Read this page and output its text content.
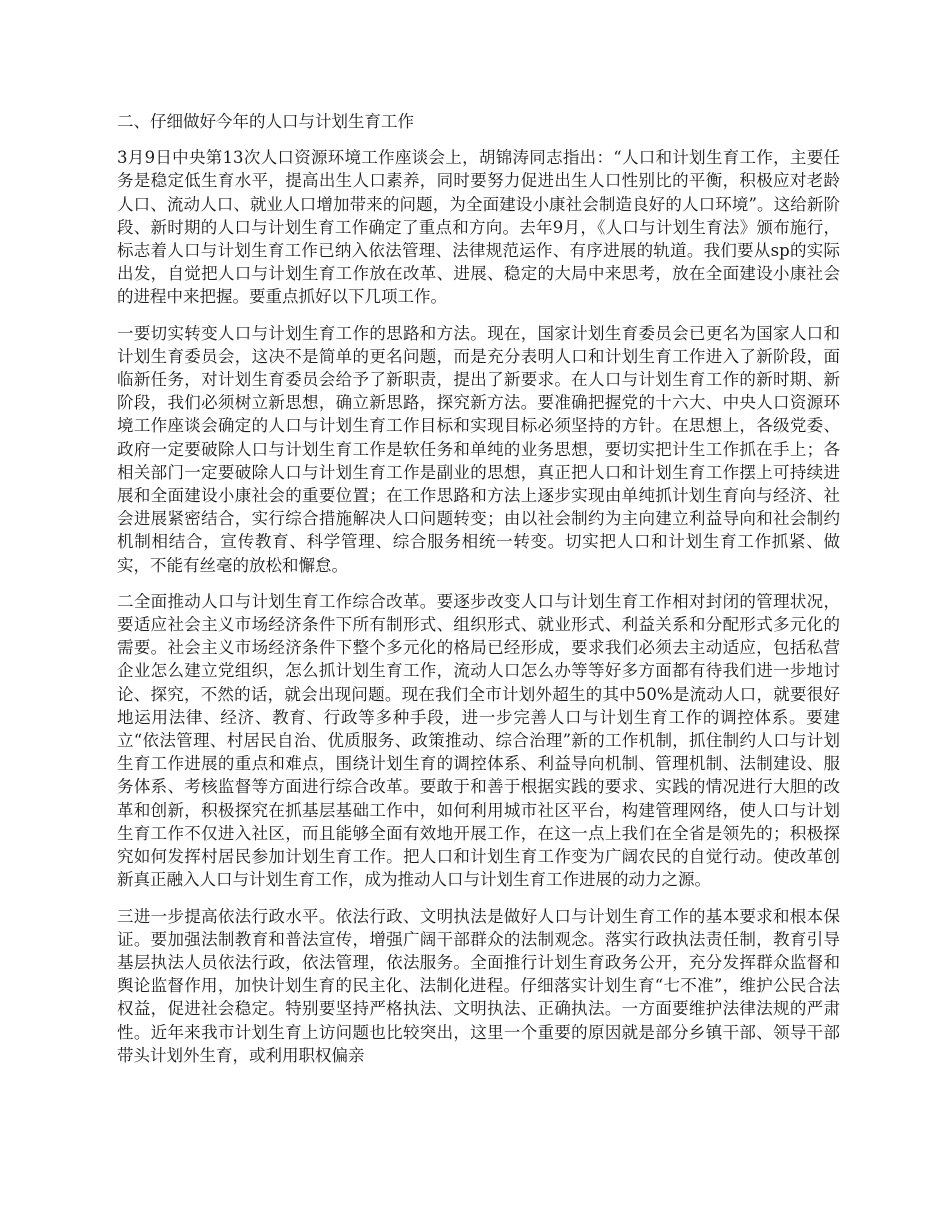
二、仔细做好今年的人口与计划生育工作

3月9日中央第13次人口资源环境工作座谈会上，胡锦涛同志指出：“人口和计划生育工作，主要任务是稳定低生育水平，提高出生人口素养，同时要努力促进出生人口性别比的平衡，积极应对老龄人口、流动人口、就业人口增加带来的问题，为全面建设小康社会制造良好的人口环境”。这给新阶段、新时期的人口与计划生育工作确定了重点和方向。去年9月，《人口与计划生育法》颁布施行，标志着人口与计划生育工作已纳入依法管理、法律规范运作、有序进展的轨道。我们要从sp的实际出发，自觉把人口与计划生育工作放在改革、进展、稳定的大局中来思考，放在全面建设小康社会的进程中来把握。要重点抓好以下几项工作。

一要切实转变人口与计划生育工作的思路和方法。现在，国家计划生育委员会已更名为国家人口和计划生育委员会，这决不是简单的更名问题，而是充分表明人口和计划生育工作进入了新阶段，面临新任务，对计划生育委员会给予了新职责，提出了新要求。在人口与计划生育工作的新时期、新阶段，我们必须树立新思想，确立新思路，探究新方法。要准确把握党的十六大、中央人口资源环境工作座谈会确定的人口与计划生育工作目标和实现目标必须坚持的方针。在思想上，各级党委、政府一定要破除人口与计划生育工作是软任务和单纯的业务思想，要切实把计生工作抓在手上；各相关部门一定要破除人口与计划生育工作是副业的思想，真正把人口和计划生育工作摆上可持续进展和全面建设小康社会的重要位置；在工作思路和方法上逐步实现由单纯抓计划生育向与经济、社会进展紧密结合，实行综合措施解决人口问题转变；由以社会制约为主向建立利益导向和社会制约机制相结合，宣传教育、科学管理、综合服务相统一转变。切实把人口和计划生育工作抓紧、做实，不能有丝毫的放松和懈怠。

二全面推动人口与计划生育工作综合改革。要逐步改变人口与计划生育工作相对封闭的管理状况，要适应社会主义市场经济条件下所有制形式、组织形式、就业形式、利益关系和分配形式多元化的需要。社会主义市场经济条件下整个多元化的格局已经形成，要求我们必须去主动适应，包括私营企业怎么建立党组织，怎么抓计划生育工作，流动人口怎么办等等好多方面都有待我们进一步地讨论、探究，不然的话，就会出现问题。现在我们全市计划外超生的其中50%是流动人口，就要很好地运用法律、经济、教育、行政等多种手段，进一步完善人口与计划生育工作的调控体系。要建立“依法管理、村居民自治、优质服务、政策推动、综合治理”新的工作机制，抓住制约人口与计划生育工作进展的重点和难点，围绕计划生育的调控体系、利益导向机制、管理机制、法制建设、服务体系、考核监督等方面进行综合改革。要敢于和善于根据实践的要求、实践的情况进行大胆的改革和创新，积极探究在抓基层基础工作中，如何利用城市社区平台，构建管理网络，使人口与计划生育工作不仅进入社区，而且能够全面有效地开展工作，在这一点上我们在全省是领先的；积极探究如何发挥村居民参加计划生育工作。把人口和计划生育工作变为广阔农民的自觉行动。使改革创新真正融入人口与计划生育工作，成为推动人口与计划生育工作进展的动力之源。

三进一步提高依法行政水平。依法行政、文明执法是做好人口与计划生育工作的基本要求和根本保证。要加强法制教育和普法宣传，增强广阔干部群众的法制观念。落实行政执法责任制，教育引导基层执法人员依法行政，依法管理，依法服务。全面推行计划生育政务公开，充分发挥群众监督和舆论监督作用，加快计划生育的民主化、法制化进程。仔细落实计划生育“七不准”，维护公民合法权益，促进社会稳定。特别要坚持严格执法、文明执法、正确执法。一方面要维护法律法规的严肃性。近年来我市计划生育上访问题也比较突出，这里一个重要的原因就是部分乡镇干部、领导干部带头计划外生育，或利用职权偏亲
